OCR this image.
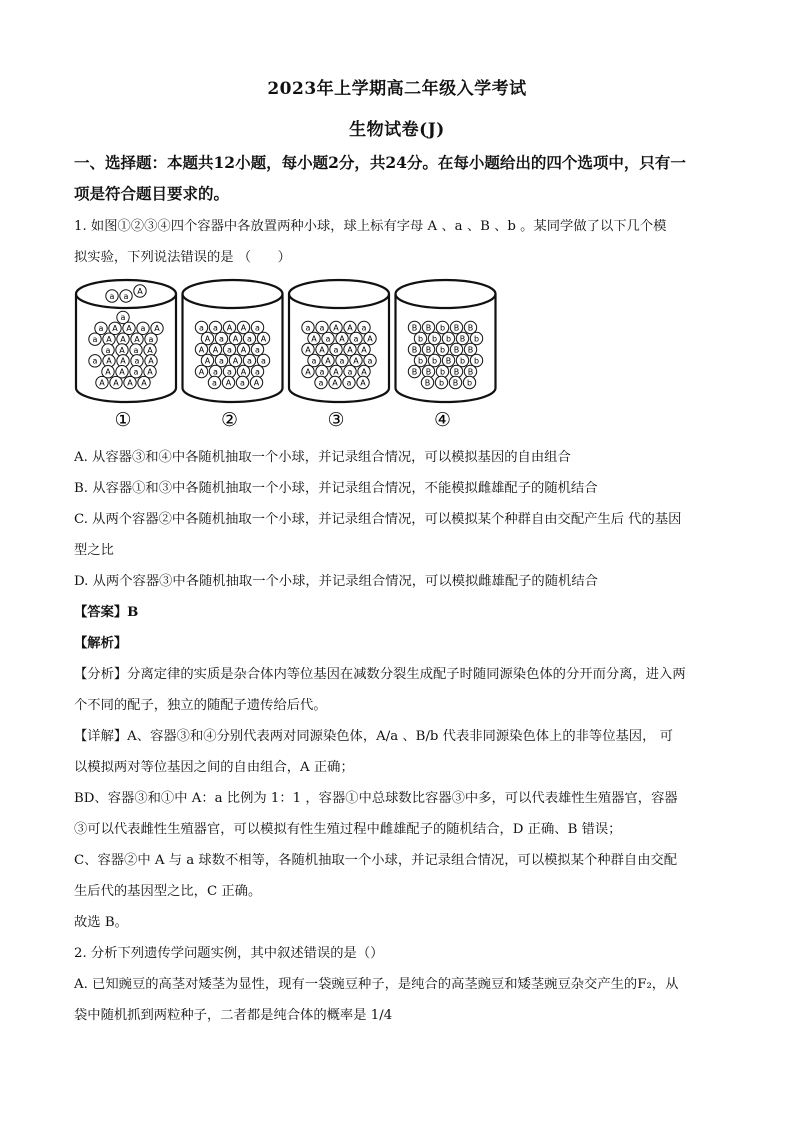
2023年上学期高二年级入学考试
生物试卷(J)
一、选择题：本题共12小题，每小题2分，共24分。在每小题给出的四个选项中，只有一
项是符合题目要求的。
1. 如图①②③④四个容器中各放置两种小球，球上标有字母 A 、a 、B 、b 。某同学做了以下几个模
拟实验，下列说法错误的是 （　　）
a a
A
a
a A A a A
a A A A a
a A a A
a A A a A
A A a A
A A A A
①
a a A A a
A a A a A
A A a A a
A a A a a
A a a A a
a A a A
②
a a A A a
A a A a A
A A a A A
a A a A a
A a A a A
a A a A
③
B B b B B
b b b B b
B B b B B
b b B b b
B B b B B
B b B b
④
A. 从容器③和④中各随机抽取一个小球，并记录组合情况，可以模拟基因的自由组合
B. 从容器①和③中各随机抽取一个小球，并记录组合情况，不能模拟雌雄配子的随机结合
C. 从两个容器②中各随机抽取一个小球，并记录组合情况，可以模拟某个种群自由交配产生后 代的基因
型之比
D. 从两个容器③中各随机抽取一个小球，并记录组合情况，可以模拟雌雄配子的随机结合
【答案】B
【解析】
【分析】分离定律的实质是杂合体内等位基因在减数分裂生成配子时随同源染色体的分开而分离，进入两
个不同的配子，独立的随配子遗传给后代。
【详解】A、容器③和④分别代表两对同源染色体，A/a 、B/b 代表非同源染色体上的非等位基因， 可
以模拟两对等位基因之间的自由组合，A 正确；
BD、容器③和①中 A：a 比例为 1：1 ，容器①中总球数比容器③中多，可以代表雄性生殖器官，容器
③可以代表雌性生殖器官，可以模拟有性生殖过程中雌雄配子的随机结合，D 正确、B 错误；
C、容器②中 A 与 a 球数不相等，各随机抽取一个小球，并记录组合情况，可以模拟某个种群自由交配
生后代的基因型之比，C 正确。
故选 B。
2. 分析下列遗传学问题实例，其中叙述错误的是（）
A. 已知豌豆的高茎对矮茎为显性，现有一袋豌豆种子，是纯合的高茎豌豆和矮茎豌豆杂交产生的F₂，从
袋中随机抓到两粒种子，二者都是纯合体的概率是 1/4
